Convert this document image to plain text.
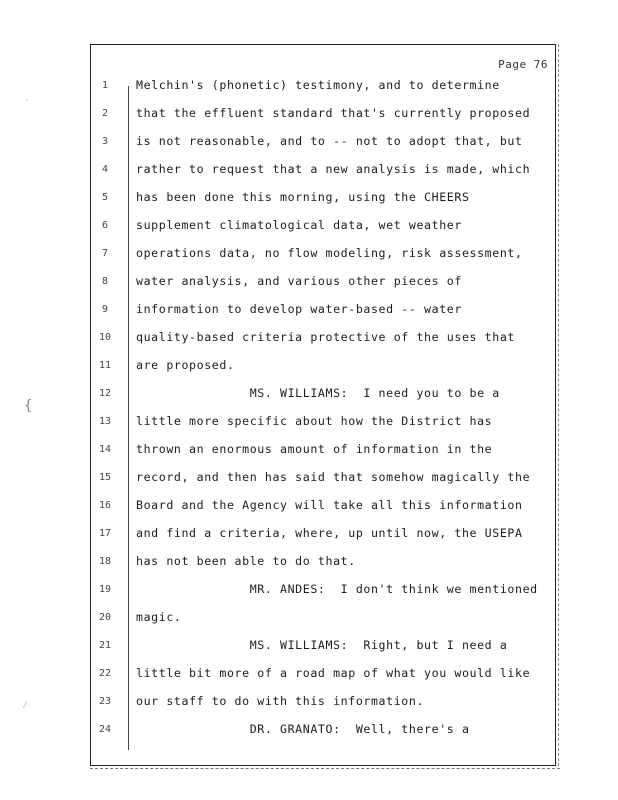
Page 76
1	Melchin's (phonetic) testimony, and to determine
2	that the effluent standard that's currently proposed
3	is not reasonable, and to -- not to adopt that, but
4	rather to request that a new analysis is made, which
5	has been done this morning, using the CHEERS
6	supplement climatological data, wet weather
7	operations data, no flow modeling, risk assessment,
8	water analysis, and various other pieces of
9	information to develop water-based -- water
10	quality-based criteria protective of the uses that
11	are proposed.
12	MS. WILLIAMS:  I need you to be a
13	little more specific about how the District has
14	thrown an enormous amount of information in the
15	record, and then has said that somehow magically the
16	Board and the Agency will take all this information
17	and find a criteria, where, up until now, the USEPA
18	has not been able to do that.
19	MR. ANDES:  I don't think we mentioned
20	magic.
21	MS. WILLIAMS:  Right, but I need a
22	little bit more of a road map of what you would like
23	our staff to do with this information.
24	DR. GRANATO:  Well, there's a
·
{
⁄
